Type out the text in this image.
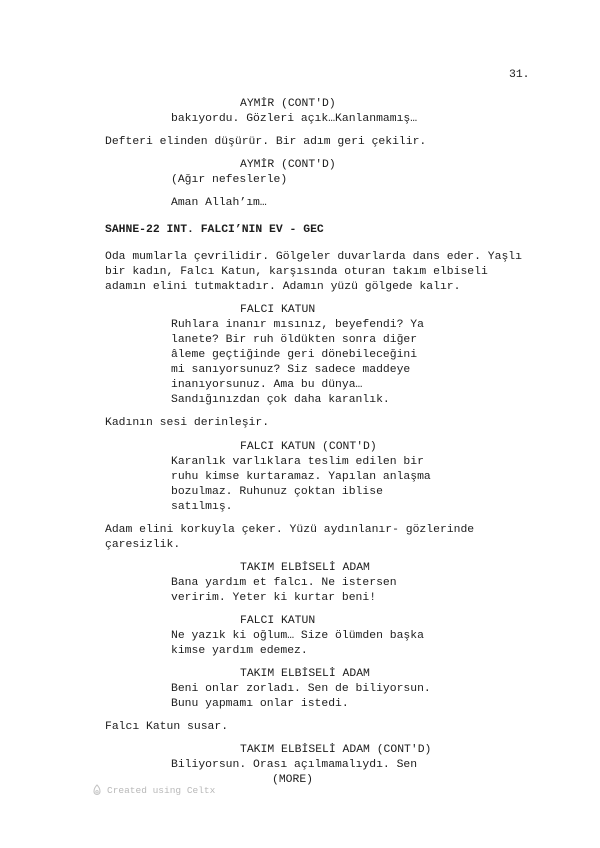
31.
AYMİR (CONT'D)
bakıyordu. Gözleri açık…Kanlanmamış…
Defteri elinden düşürür. Bir adım geri çekilir.
AYMİR (CONT'D)
(Ağır nefeslerle)
Aman Allah’ım…
SAHNE-22 INT. FALCI’NIN EV - GEC
Oda mumlarla çevrilidir. Gölgeler duvarlarda dans eder. Yaşlı
bir kadın, Falcı Katun, karşısında oturan takım elbiseli
adamın elini tutmaktadır. Adamın yüzü gölgede kalır.
FALCI KATUN
Ruhlara inanır mısınız, beyefendi? Ya
lanete? Bir ruh öldükten sonra diğer
âleme geçtiğinde geri dönebileceğini
mi sanıyorsunuz? Siz sadece maddeye
inanıyorsunuz. Ama bu dünya…
Sandığınızdan çok daha karanlık.
Kadının sesi derinleşir.
FALCI KATUN (CONT'D)
Karanlık varlıklara teslim edilen bir
ruhu kimse kurtaramaz. Yapılan anlaşma
bozulmaz. Ruhunuz çoktan iblise
satılmış.
Adam elini korkuyla çeker. Yüzü aydınlanır- gözlerinde
çaresizlik.
TAKIM ELBİSELİ ADAM
Bana yardım et falcı. Ne istersen
veririm. Yeter ki kurtar beni!
FALCI KATUN
Ne yazık ki oğlum… Size ölümden başka
kimse yardım edemez.
TAKIM ELBİSELİ ADAM
Beni onlar zorladı. Sen de biliyorsun.
Bunu yapmamı onlar istedi.
Falcı Katun susar.
TAKIM ELBİSELİ ADAM (CONT'D)
Biliyorsun. Orası açılmamalıydı. Sen
(MORE)
Created using Celtx
